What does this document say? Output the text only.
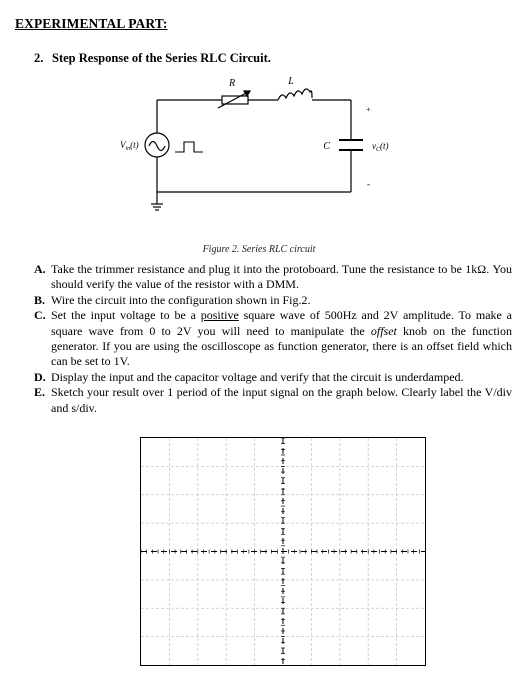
EXPERIMENTAL PART:
2. Step Response of the Series RLC Circuit.
R	L
C
$V_{in}(t)$	$v_C(t)$
+
-
Figure 2. Series RLC circuit
A. Take the trimmer resistance and plug it into the protoboard. Tune the resistance to be 1kΩ. You should verify the value of the resistor with a DMM.
B. Wire the circuit into the configuration shown in Fig.2.
C. Set the input voltage to be a positive square wave of 500Hz and 2V amplitude. To make a square wave from 0 to 2V you will need to manipulate the offset knob on the function generator. If you are using the oscilloscope as function generator, there is an offset field which can be set to 1V.
D. Display the input and the capacitor voltage and verify that the circuit is underdamped.
E. Sketch your result over 1 period of the input signal on the graph below. Clearly label the V/div and s/div.
